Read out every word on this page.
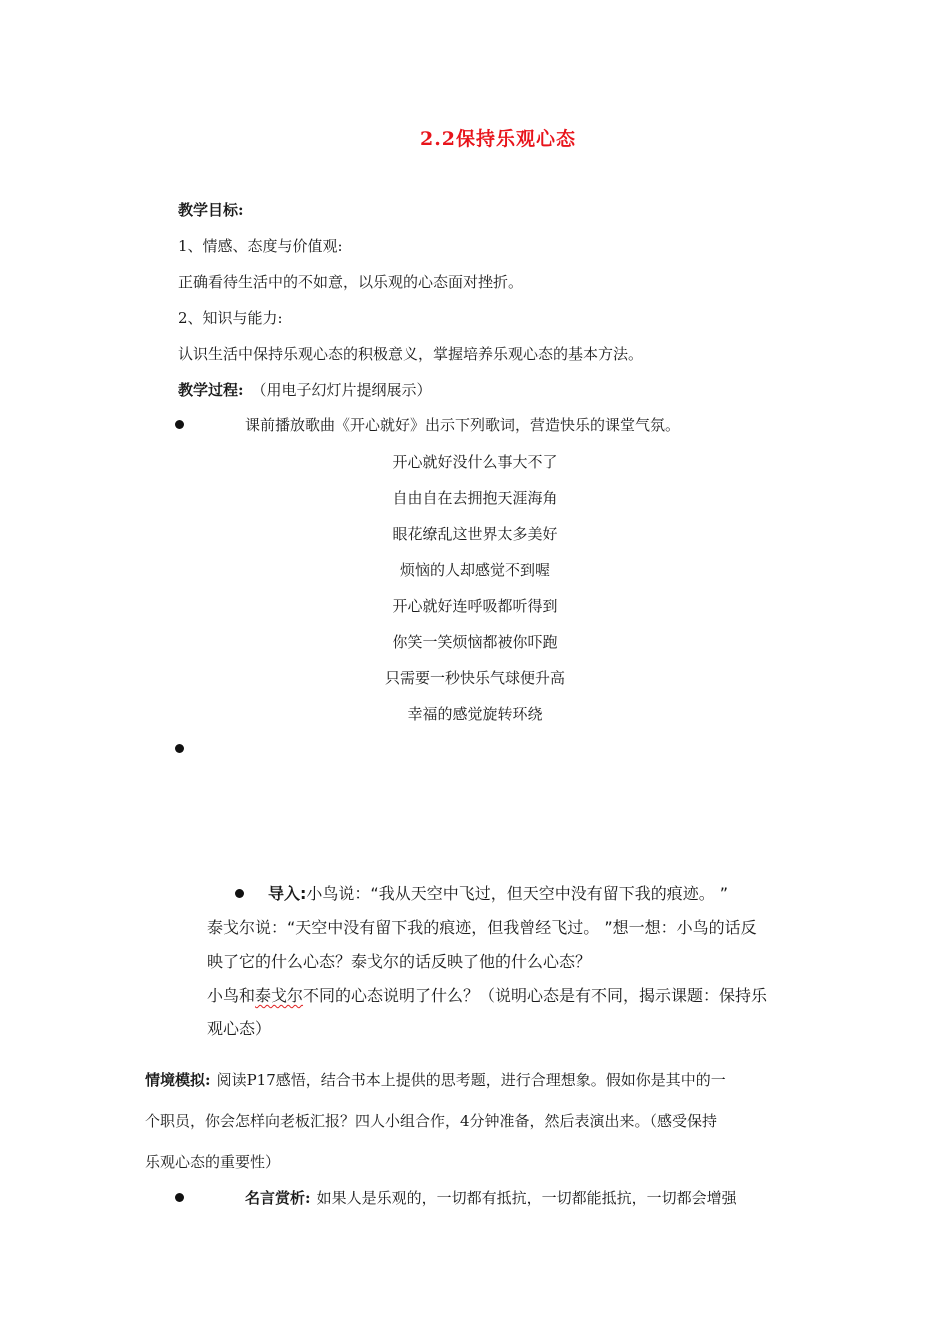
2.2保持乐观心态
教学目标:
1、情感、态度与价值观:
正确看待生活中的不如意，以乐观的心态面对挫折。
2、知识与能力:
认识生活中保持乐观心态的积极意义，掌握培养乐观心态的基本方法。
教学过程: （用电子幻灯片提纲展示）
课前播放歌曲《开心就好》出示下列歌词，营造快乐的课堂气氛。
开心就好没什么事大不了
自由自在去拥抱天涯海角
眼花缭乱这世界太多美好
烦恼的人却感觉不到喔
开心就好连呼吸都听得到
你笑一笑烦恼都被你吓跑
只需要一秒快乐气球便升高
幸福的感觉旋转环绕
导入:小鸟说：“我从天空中飞过，但天空中没有留下我的痕迹。 ”
泰戈尔说：“天空中没有留下我的痕迹，但我曾经飞过。 ”想一想：小鸟的话反
映了它的什么心态？泰戈尔的话反映了他的什么心态？
小鸟和泰戈尔不同的心态说明了什么？（说明心态是有不同，揭示课题：保持乐
观心态）
情境模拟: 阅读P17感悟，结合书本上提供的思考题，进行合理想象。假如你是其中的一
个职员，你会怎样向老板汇报？四人小组合作，4分钟准备，然后表演出来。（感受保持
乐观心态的重要性）
名言赏析: 如果人是乐观的，一切都有抵抗，一切都能抵抗，一切都会增强
